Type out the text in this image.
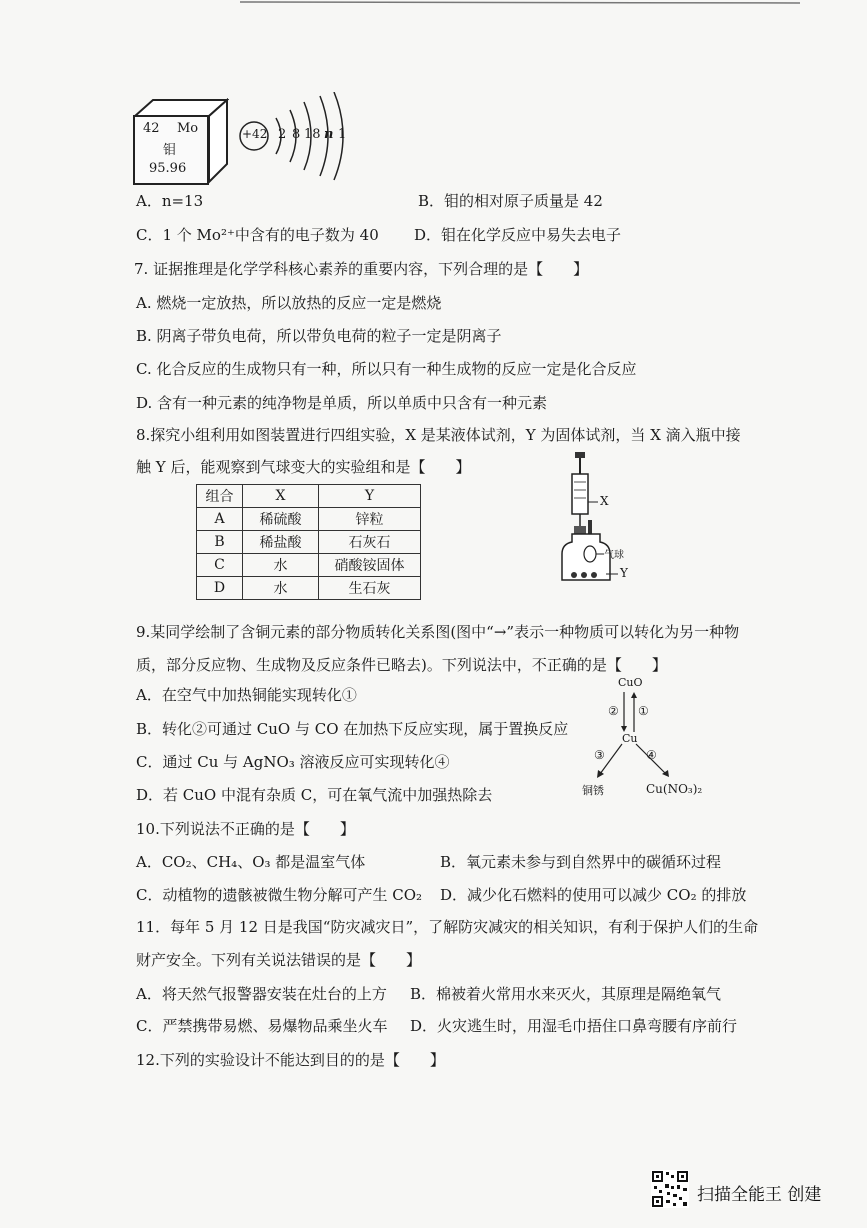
42 Mo
钼
95.96
+42 2 8 18 n 1
A．n=13	B．钼的相对原子质量是 42
C．1 个 Mo²⁺中含有的电子数为 40 D．钼在化学反应中易失去电子
7. 证据推理是化学学科核心素养的重要内容，下列合理的是【　　】
A. 燃烧一定放热，所以放热的反应一定是燃烧
B. 阴离子带负电荷，所以带负电荷的粒子一定是阴离子
C. 化合反应的生成物只有一种，所以只有一种生成物的反应一定是化合反应
D. 含有一种元素的纯净物是单质，所以单质中只含有一种元素
8.探究小组利用如图装置进行四组实验，X 是某液体试剂，Y 为固体试剂，当 X 滴入瓶中接
触 Y 后，能观察到气球变大的实验组和是【　　】
组合	X	Y
A	稀硫酸	锌粒
B	稀盐酸	石灰石
C	水	硝酸铵固体
D	水	生石灰
X
气球
Y
9.某同学绘制了含铜元素的部分物质转化关系图(图中“→”表示一种物质可以转化为另一种物
质，部分反应物、生成物及反应条件已略去)。下列说法中，不正确的是【　　】
A．在空气中加热铜能实现转化①
B．转化②可通过 CuO 与 CO 在加热下反应实现，属于置换反应
C．通过 Cu 与 AgNO₃ 溶液反应可实现转化④
D．若 CuO 中混有杂质 C，可在氧气流中加强热除去
CuO
② ①
Cu
③	④
铜锈	Cu(NO₃)₂
10.下列说法不正确的是【　　】
A．CO₂、CH₄、O₃ 都是温室气体	B．氧元素未参与到自然界中的碳循环过程
C．动植物的遗骸被微生物分解可产生 CO₂ D．减少化石燃料的使用可以减少 CO₂ 的排放
11．每年 5 月 12 日是我国“防灾减灾日”，了解防灾减灾的相关知识，有利于保护人们的生命
财产安全。下列有关说法错误的是【　　】
A．将天然气报警器安装在灶台的上方 B．棉被着火常用水来灭火，其原理是隔绝氧气
C．严禁携带易燃、易爆物品乘坐火车 D．火灾逃生时，用湿毛巾捂住口鼻弯腰有序前行
12.下列的实验设计不能达到目的的是【　　】
扫描全能王 创建
